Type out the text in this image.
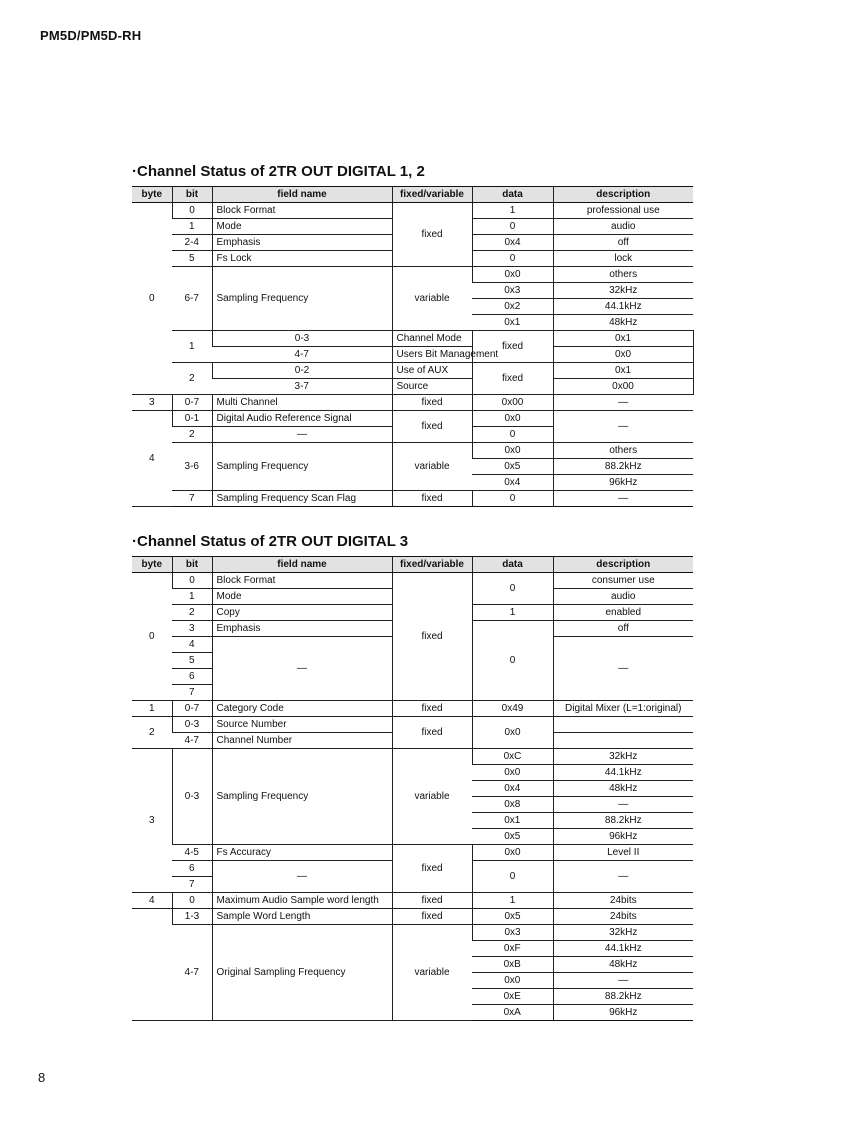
PM5D/PM5D-RH
·Channel Status of 2TR OUT DIGITAL 1, 2
byte	bit	field name	fixed/variable	data	description	
0	0	Block Format	fixed	1	professional use	
	1	Mode		0	audio	
	2-4	Emphasis		0x4	off	
	5	Fs Lock		0	lock	
	6-7	Sampling Frequency	variable	0x0	others	
				0x3	32kHz	
				0x2	44.1kHz	
				0x1	48kHz	
	1	0-3	Channel Mode	fixed	0x1	
		4-7	Users Bit Management		0x0	
	2	0-2	Use of AUX	fixed	0x1	
		3-7	Source		0x00	
3	0-7	Multi Channel	fixed	0x00	—	
4	0-1	Digital Audio Reference Signal	fixed	0x0	—	
	2	—		0		
	3-6	Sampling Frequency	variable	0x0	others	
				0x5	88.2kHz	
				0x4	96kHz	
	7	Sampling Frequency Scan Flag	fixed	0	—	
·Channel Status of 2TR OUT DIGITAL 3
byte	bit	field name	fixed/variable	data	description
0	0	Block Format	fixed	0	consumer use
	1	Mode			audio
	2	Copy		1	enabled
	3	Emphasis		0	off
	4	—			—
	5				
	6				
	7				
1	0-7	Category Code	fixed	0x49	Digital Mixer (L=1:original)
2	0-3	Source Number	fixed	0x0	
	4-7	Channel Number			
3	0-3	Sampling Frequency	variable	0xC	32kHz
				0x0	44.1kHz
				0x4	48kHz
				0x8	—
				0x1	88.2kHz
				0x5	96kHz
	4-5	Fs Accuracy	fixed	0x0	Level II
	6	—		0	—
	7				
4	0	Maximum Audio Sample word length	fixed	1	24bits
	1-3	Sample Word Length	fixed	0x5	24bits
	4-7	Original Sampling Frequency	variable	0x3	32kHz
				0xF	44.1kHz
				0xB	48kHz
				0x0	—
				0xE	88.2kHz
				0xA	96kHz
8
